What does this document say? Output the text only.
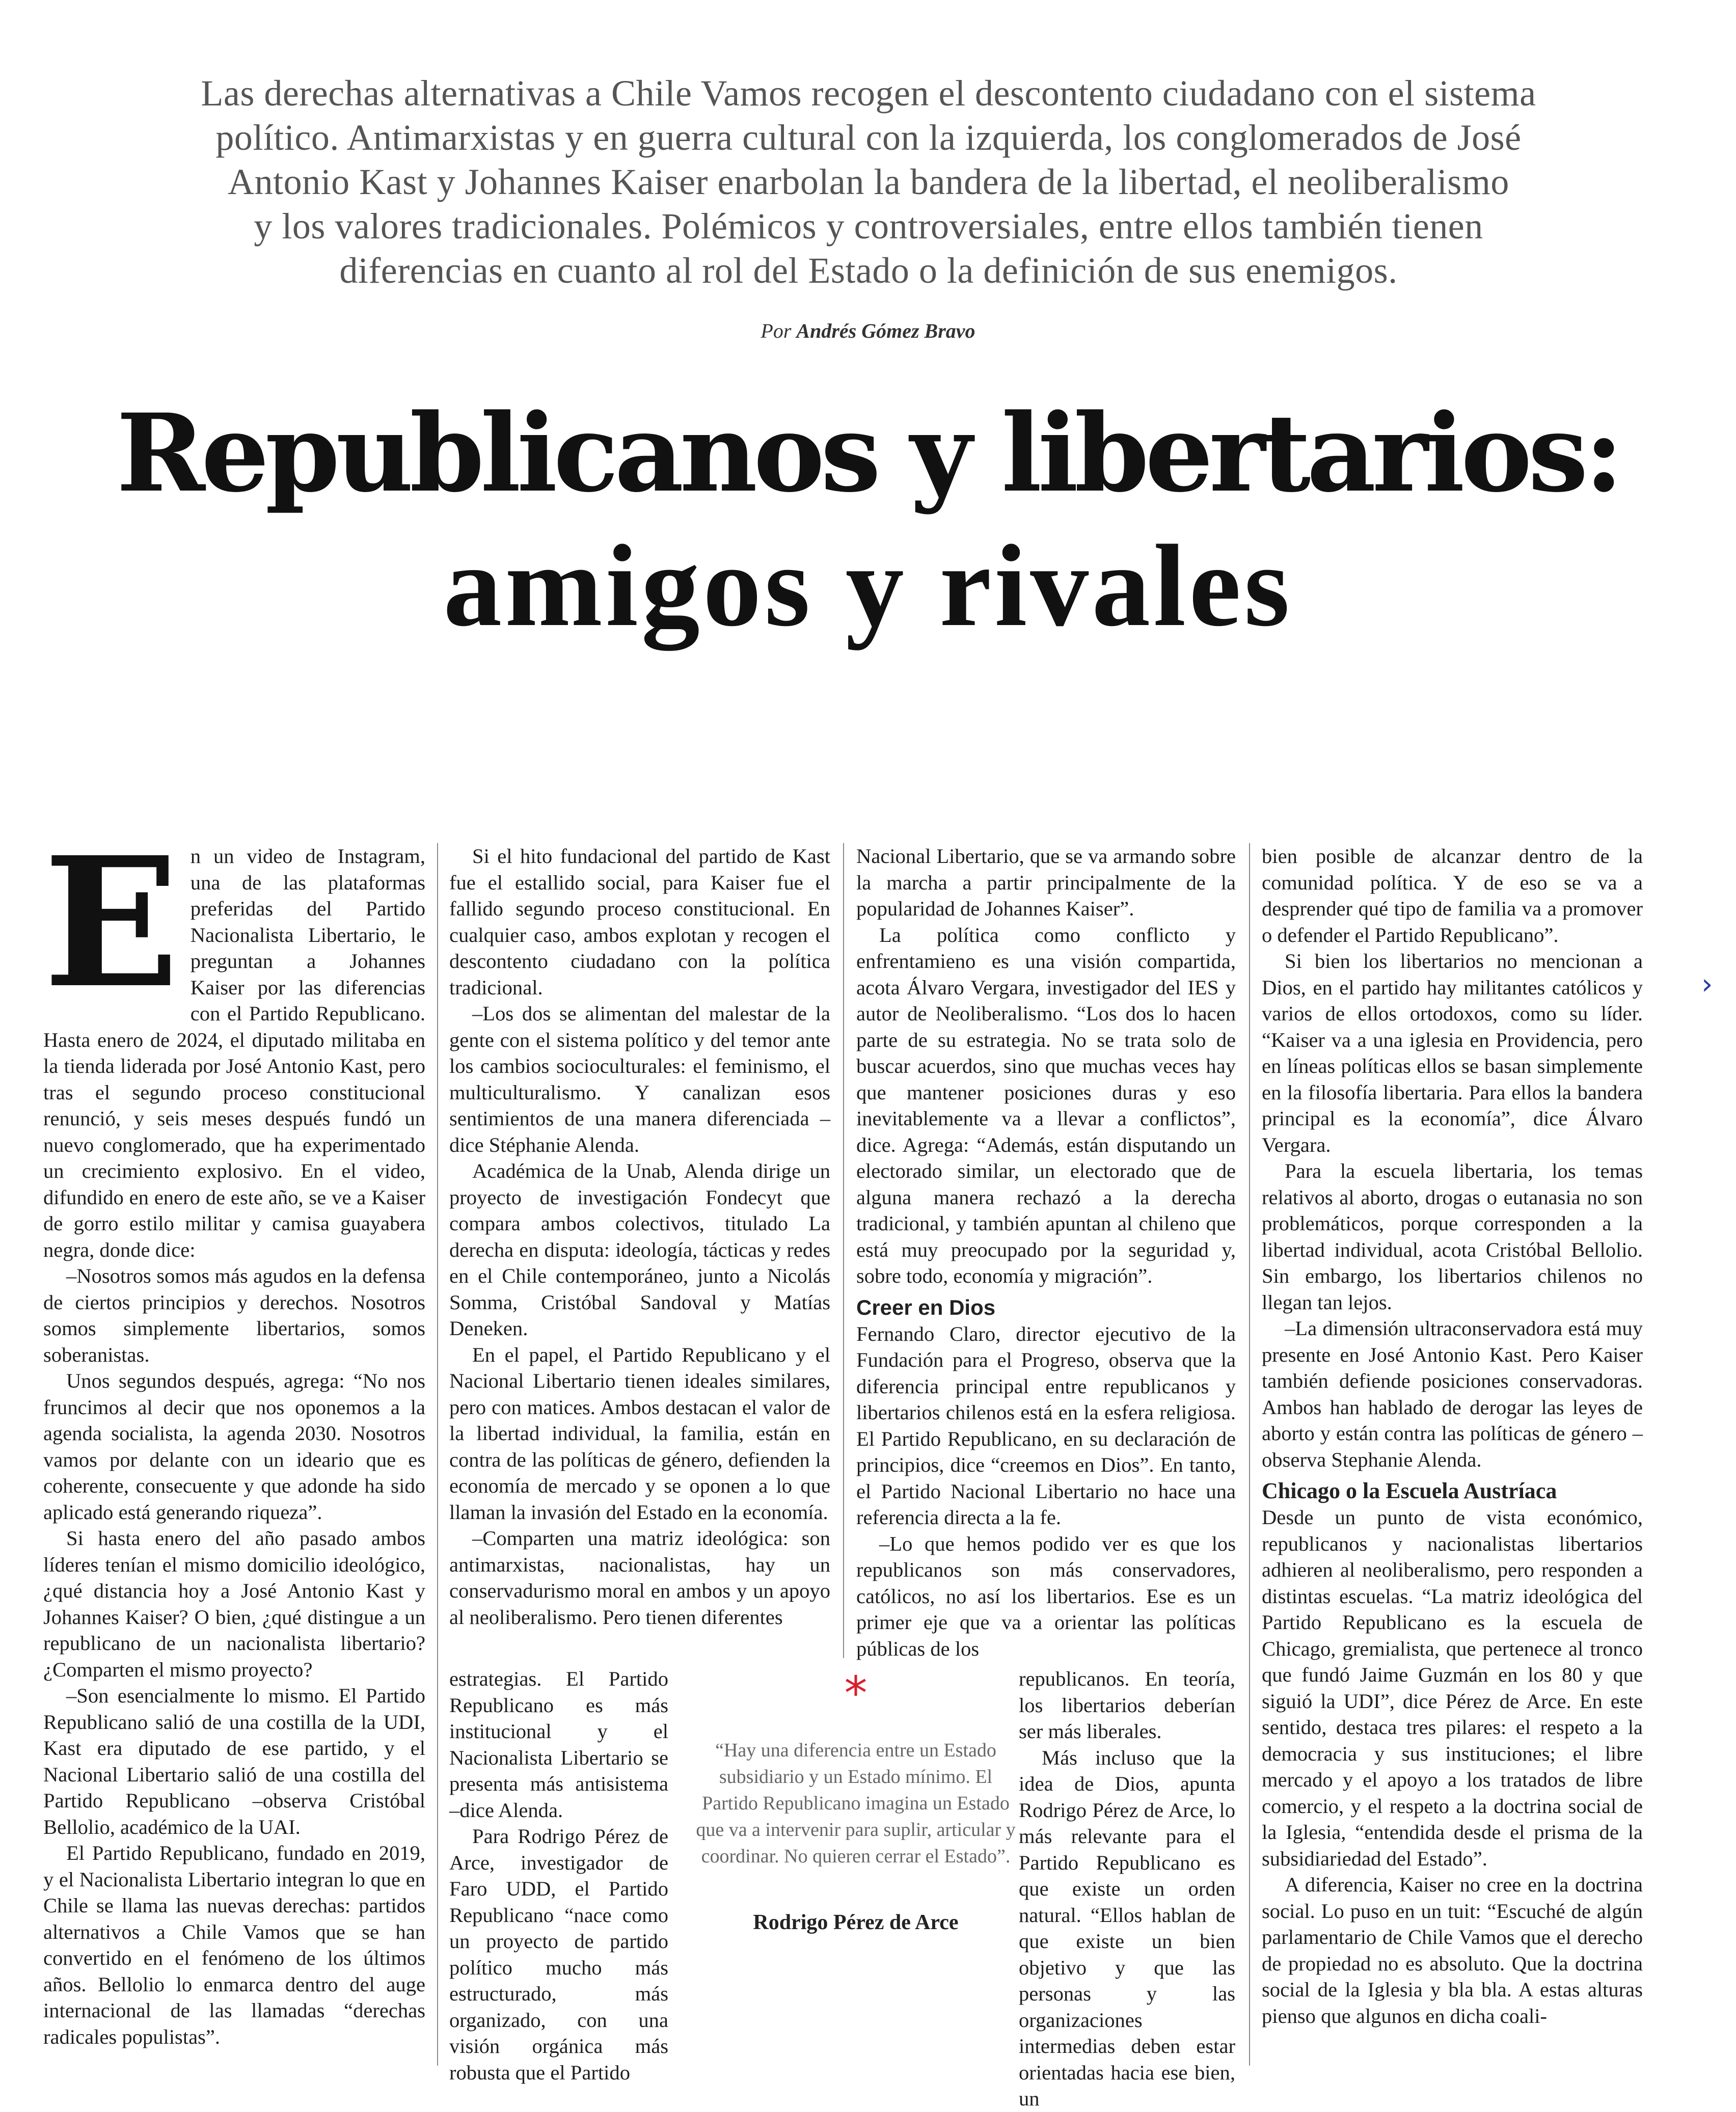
Las derechas alternativas a Chile Vamos recogen el descontento ciudadano con el sistema
político. Antimarxistas y en guerra cultural con la izquierda, los conglomerados de José
Antonio Kast y Johannes Kaiser enarbolan la bandera de la libertad, el neoliberalismo
y los valores tradicionales. Polémicos y controversiales, entre ellos también tienen
diferencias en cuanto al rol del Estado o la definición de sus enemigos.

Por Andrés Gómez Bravo

Republicanos y libertarios:
amigos y rivales
E n un video de Instagram, una de las plataformas preferidas del Partido Nacionalista Libertario, le preguntan a Johannes Kaiser por las diferencias con el Partido Republicano. Hasta enero de 2024, el diputado militaba en la tienda liderada por José Antonio Kast, pero tras el segundo proceso constitucional renunció, y seis meses después fundó un nuevo conglomerado, que ha experimentado un crecimiento explosivo. En el video, difundido en enero de este año, se ve a Kaiser de gorro estilo militar y camisa guayabera negra, donde dice:

–Nosotros somos más agudos en la defensa de ciertos principios y derechos. Nosotros somos simplemente libertarios, somos soberanistas.

Unos segundos después, agrega: “No nos fruncimos al decir que nos oponemos a la agenda socialista, la agenda 2030. Nosotros vamos por delante con un ideario que es coherente, consecuente y que adonde ha sido aplicado está generando riqueza”.

Si hasta enero del año pasado ambos líderes tenían el mismo domicilio ideológico, ¿qué distancia hoy a José Antonio Kast y Johannes Kaiser? O bien, ¿qué distingue a un republicano de un nacionalista libertario? ¿Comparten el mismo proyecto?

–Son esencialmente lo mismo. El Partido Republicano salió de una costilla de la UDI, Kast era diputado de ese partido, y el Nacional Libertario salió de una costilla del Partido Republicano –observa Cristóbal Bellolio, académico de la UAI.

El Partido Republicano, fundado en 2019, y el Nacionalista Libertario integran lo que en Chile se llama las nuevas derechas: partidos alternativos a Chile Vamos que se han convertido en el fenómeno de los últimos años. Bellolio lo enmarca dentro del auge internacional de las llamadas “derechas radicales populistas”.

Si el hito fundacional del partido de Kast fue el estallido social, para Kaiser fue el fallido segundo proceso constitucional. En cualquier caso, ambos explotan y recogen el descontento ciudadano con la política tradicional.

–Los dos se alimentan del malestar de la gente con el sistema político y del temor ante los cambios socioculturales: el feminismo, el multiculturalismo. Y canalizan esos sentimientos de una manera diferenciada –dice Stéphanie Alenda.

Académica de la Unab, Alenda dirige un proyecto de investigación Fondecyt que compara ambos colectivos, titulado La derecha en disputa: ideología, tácticas y redes en el Chile contemporáneo, junto a Nicolás Somma, Cristóbal Sandoval y Matías Deneken.

En el papel, el Partido Republicano y el Nacional Libertario tienen ideales similares, pero con matices. Ambos destacan el valor de la libertad individual, la familia, están en contra de las políticas de género, defienden la economía de mercado y se oponen a lo que llaman la invasión del Estado en la economía.

–Comparten una matriz ideológica: son antimarxistas, nacionalistas, hay un conservadurismo moral en ambos y un apoyo al neoliberalismo. Pero tienen diferentes

estrategias. El Partido Republicano es más institucional y el Nacionalista Libertario se presenta más antisistema –dice Alenda.

Para Rodrigo Pérez de Arce, investigador de Faro UDD, el Partido Republicano “nace como un proyecto de partido político mucho más estructurado, más organizado, con una visión orgánica más robusta que el Partido

Nacional Libertario, que se va armando sobre la marcha a partir principalmente de la popularidad de Johannes Kaiser”.

La política como conflicto y enfrentamieno es una visión compartida, acota Álvaro Vergara, investigador del IES y autor de Neoliberalismo. “Los dos lo hacen parte de su estrategia. No se trata solo de buscar acuerdos, sino que muchas veces hay que mantener posiciones duras y eso inevitablemente va a llevar a conflictos”, dice. Agrega: “Además, están disputando un electorado similar, un electorado que de alguna manera rechazó a la derecha tradicional, y también apuntan al chileno que está muy preocupado por la seguridad y, sobre todo, economía y migración”.

Creer en Dios

Fernando Claro, director ejecutivo de la Fundación para el Progreso, observa que la diferencia principal entre republicanos y libertarios chilenos está en la esfera religiosa. El Partido Republicano, en su declaración de principios, dice “creemos en Dios”. En tanto, el Partido Nacional Libertario no hace una referencia directa a la fe.

–Lo que hemos podido ver es que los republicanos son más conservadores, católicos, no así los libertarios. Ese es un primer eje que va a orientar las políticas públicas de los

republicanos. En teoría, los libertarios deberían ser más liberales.

Más incluso que la idea de Dios, apunta Rodrigo Pérez de Arce, lo más relevante para el Partido Republicano es que existe un orden natural. “Ellos hablan de que existe un bien objetivo y que las personas y las organizaciones intermedias deben estar orientadas hacia ese bien, un

bien posible de alcanzar dentro de la comunidad política. Y de eso se va a desprender qué tipo de familia va a promover o defender el Partido Republicano”.

Si bien los libertarios no mencionan a Dios, en el partido hay militantes católicos y varios de ellos ortodoxos, como su líder. “Kaiser va a una iglesia en Providencia, pero en líneas políticas ellos se basan simplemente en la filosofía libertaria. Para ellos la bandera principal es la economía”, dice Álvaro Vergara.

Para la escuela libertaria, los temas relativos al aborto, drogas o eutanasia no son problemáticos, porque corresponden a la libertad individual, acota Cristóbal Bellolio. Sin embargo, los libertarios chilenos no llegan tan lejos.

–La dimensión ultraconservadora está muy presente en José Antonio Kast. Pero Kaiser también defiende posiciones conservadoras. Ambos han hablado de derogar las leyes de aborto y están contra las políticas de género –observa Stephanie Alenda.

Chicago o la Escuela Austríaca

Desde un punto de vista económico, republicanos y nacionalistas libertarios adhieren al neoliberalismo, pero responden a distintas escuelas. “La matriz ideológica del Partido Republicano es la escuela de Chicago, gremialista, que pertenece al tronco que fundó Jaime Guzmán en los 80 y que siguió la UDI”, dice Pérez de Arce. En este sentido, destaca tres pilares: el respeto a la democracia y sus instituciones; el libre mercado y el apoyo a los tratados de libre comercio, y el respeto a la doctrina social de la Iglesia, “entendida desde el prisma de la subsidiariedad del Estado”.

A diferencia, Kaiser no cree en la doctrina social. Lo puso en un tuit: “Escuché de algún parlamentario de Chile Vamos que el derecho de propiedad no es absoluto. Que la doctrina social de la Iglesia y bla bla. A estas alturas pienso que algunos en dicha coali-

*

“Hay una diferencia entre un Estado subsidiario y un Estado mínimo. El Partido Republicano imagina un Estado que va a intervenir para suplir, articular y coordinar. No quieren cerrar el Estado”.

Rodrigo Pérez de Arce

›
